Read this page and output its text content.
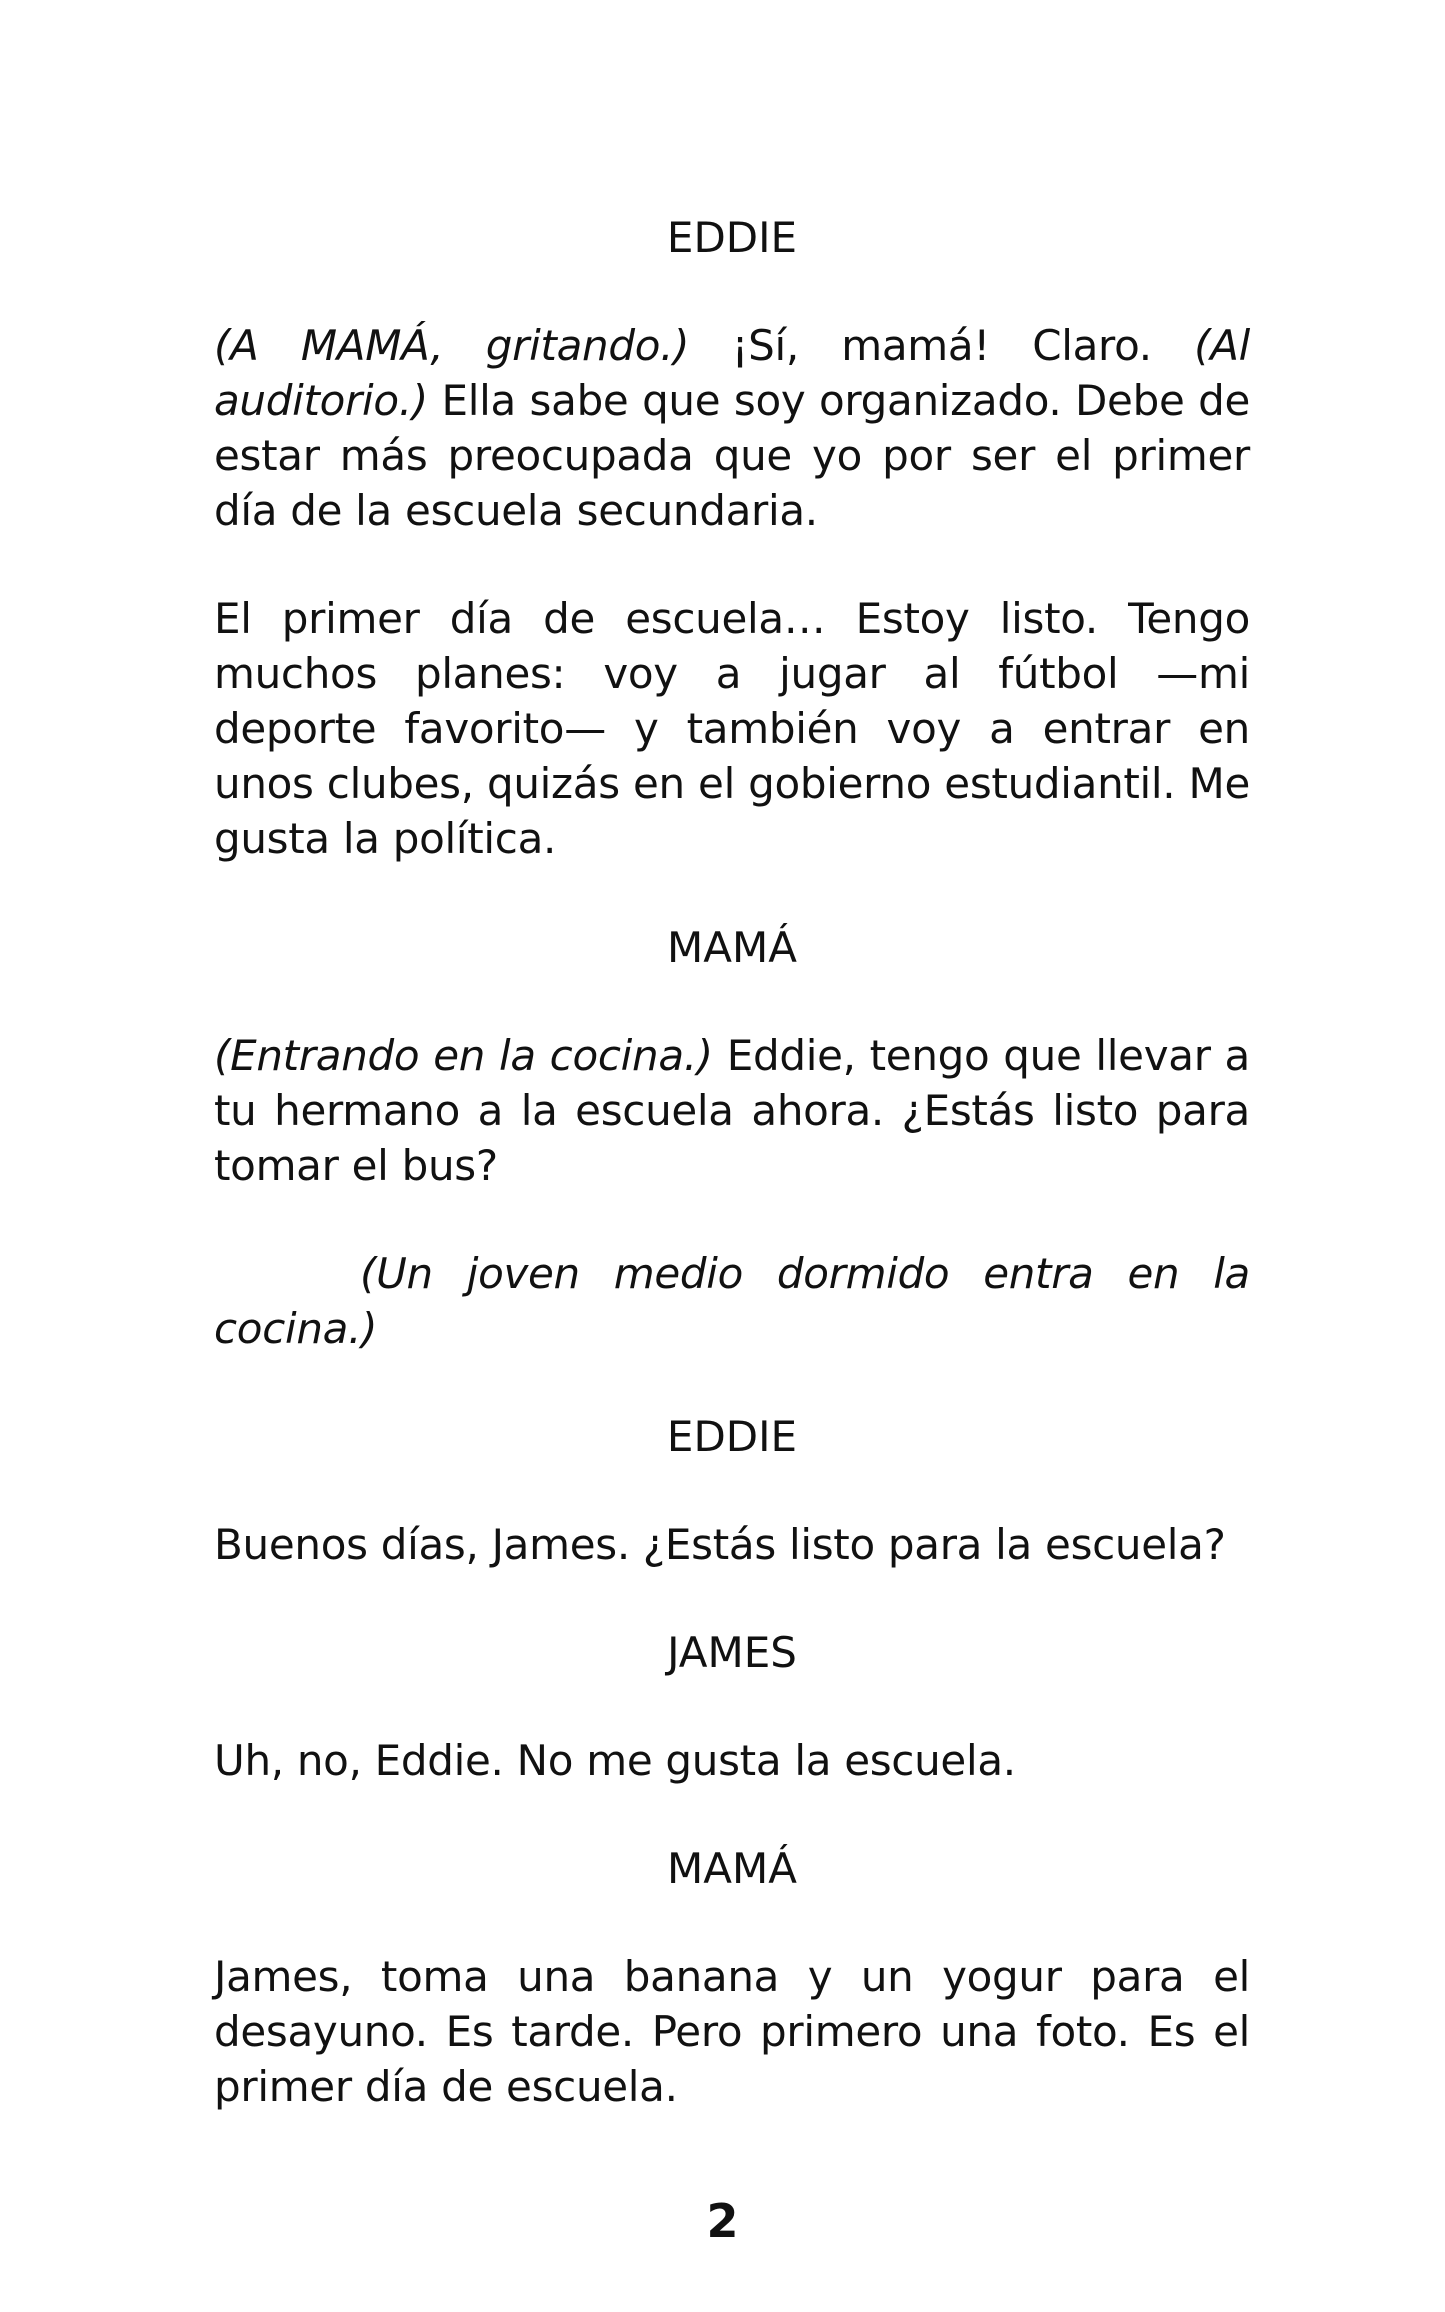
EDDIE

(A MAMÁ, gritando.) ¡Sí, mamá! Claro. (Al auditorio.) Ella sabe que soy organizado. Debe de estar más preocupada que yo por ser el primer día de la escuela secundaria.

El primer día de escuela… Estoy listo. Tengo muchos planes: voy a jugar al fútbol —mi deporte favorito— y también voy a entrar en unos clubes, quizás en el gobierno estudiantil. Me gusta la política.

MAMÁ

(Entrando en la cocina.) Eddie, tengo que llevar a tu hermano a la escuela ahora. ¿Estás listo para tomar el bus?

(Un joven medio dormido entra en la cocina.)

EDDIE

Buenos días, James. ¿Estás listo para la escuela?

JAMES

Uh, no, Eddie. No me gusta la escuela.

MAMÁ

James, toma una banana y un yogur para el desayuno. Es tarde. Pero primero una foto. Es el primer día de escuela.

2
